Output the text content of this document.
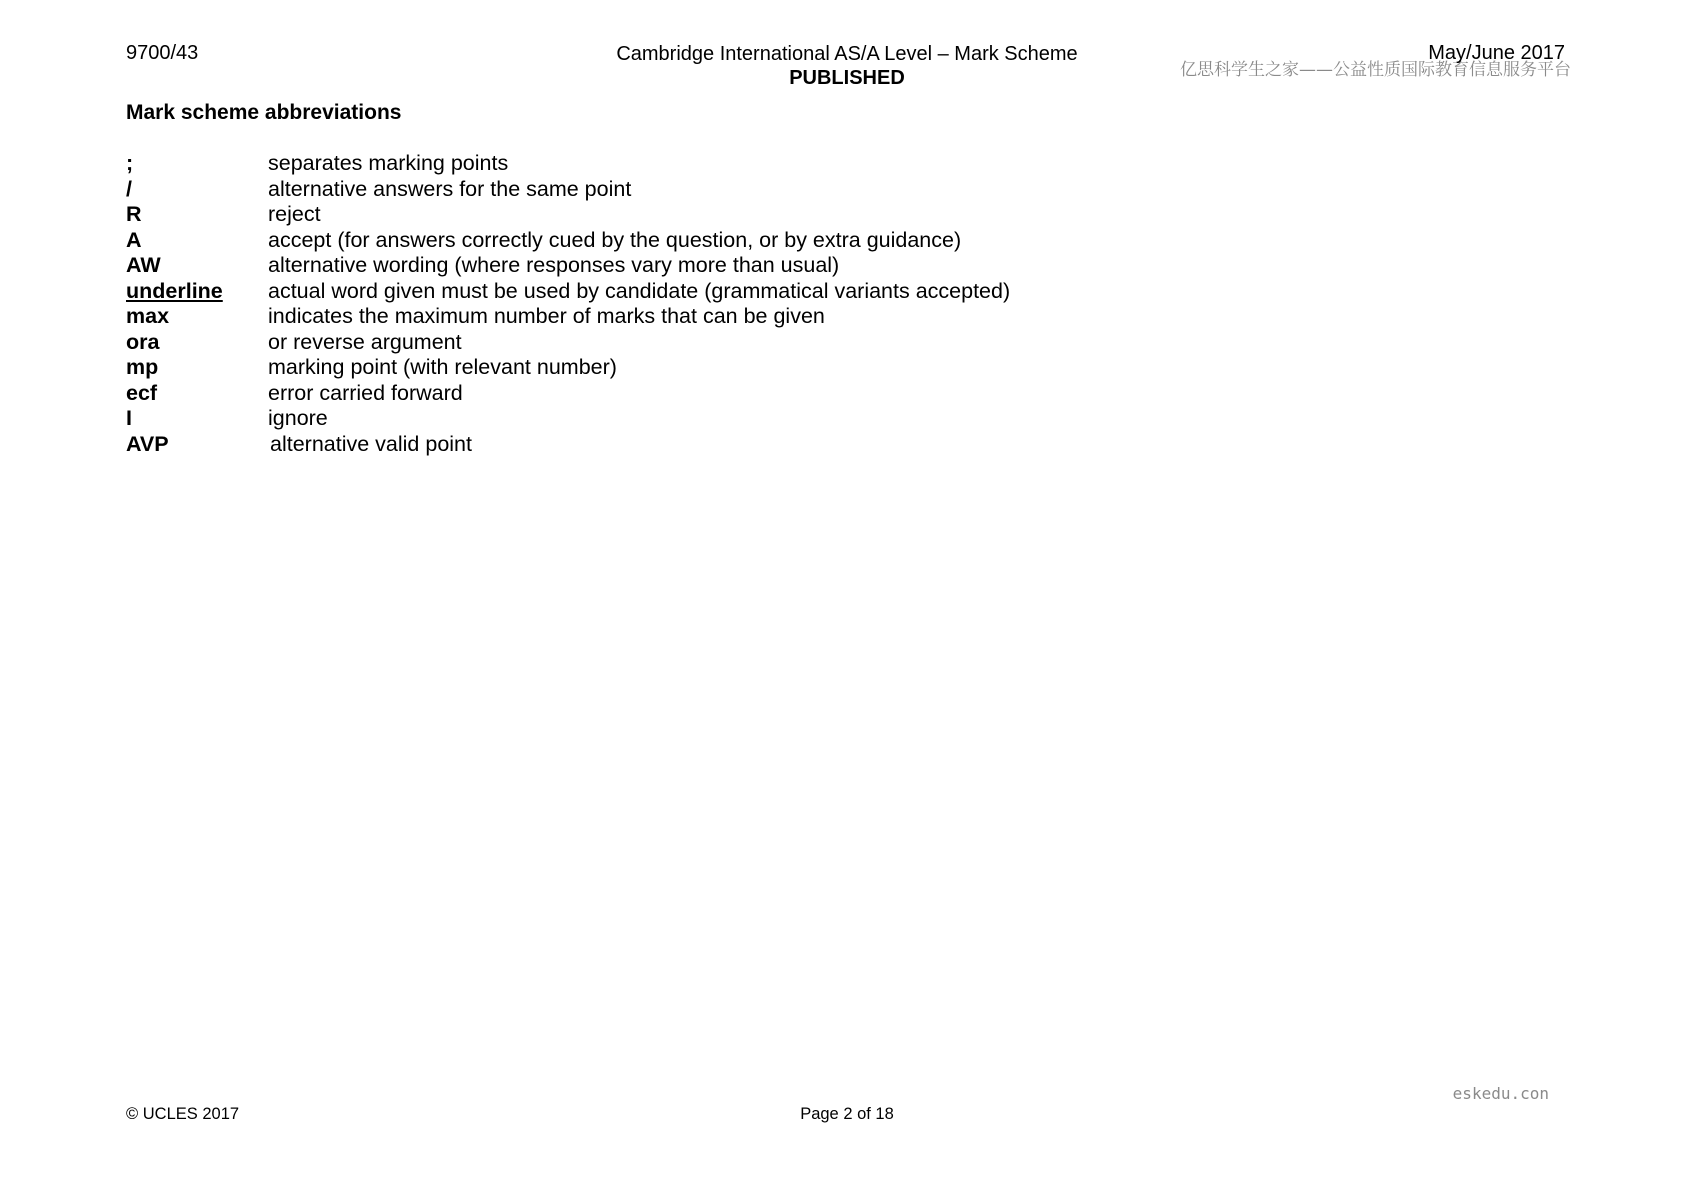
9700/43	Cambridge International AS/A Level – Mark Scheme
PUBLISHED	亿思科学生之家——公益性质国际教育信息服务平台
May/June 2017
Mark scheme abbreviations
;	separates marking points
/	alternative answers for the same point
R	reject
A	accept (for answers correctly cued by the question, or by extra guidance)
AW	alternative wording (where responses vary more than usual)
underline	actual word given must be used by candidate (grammatical variants accepted)
max	indicates the maximum number of marks that can be given
ora	or reverse argument
mp	marking point (with relevant number)
ecf	error carried forward
I	ignore
AVP	alternative valid point
eskedu.con
© UCLES 2017	Page 2 of 18
